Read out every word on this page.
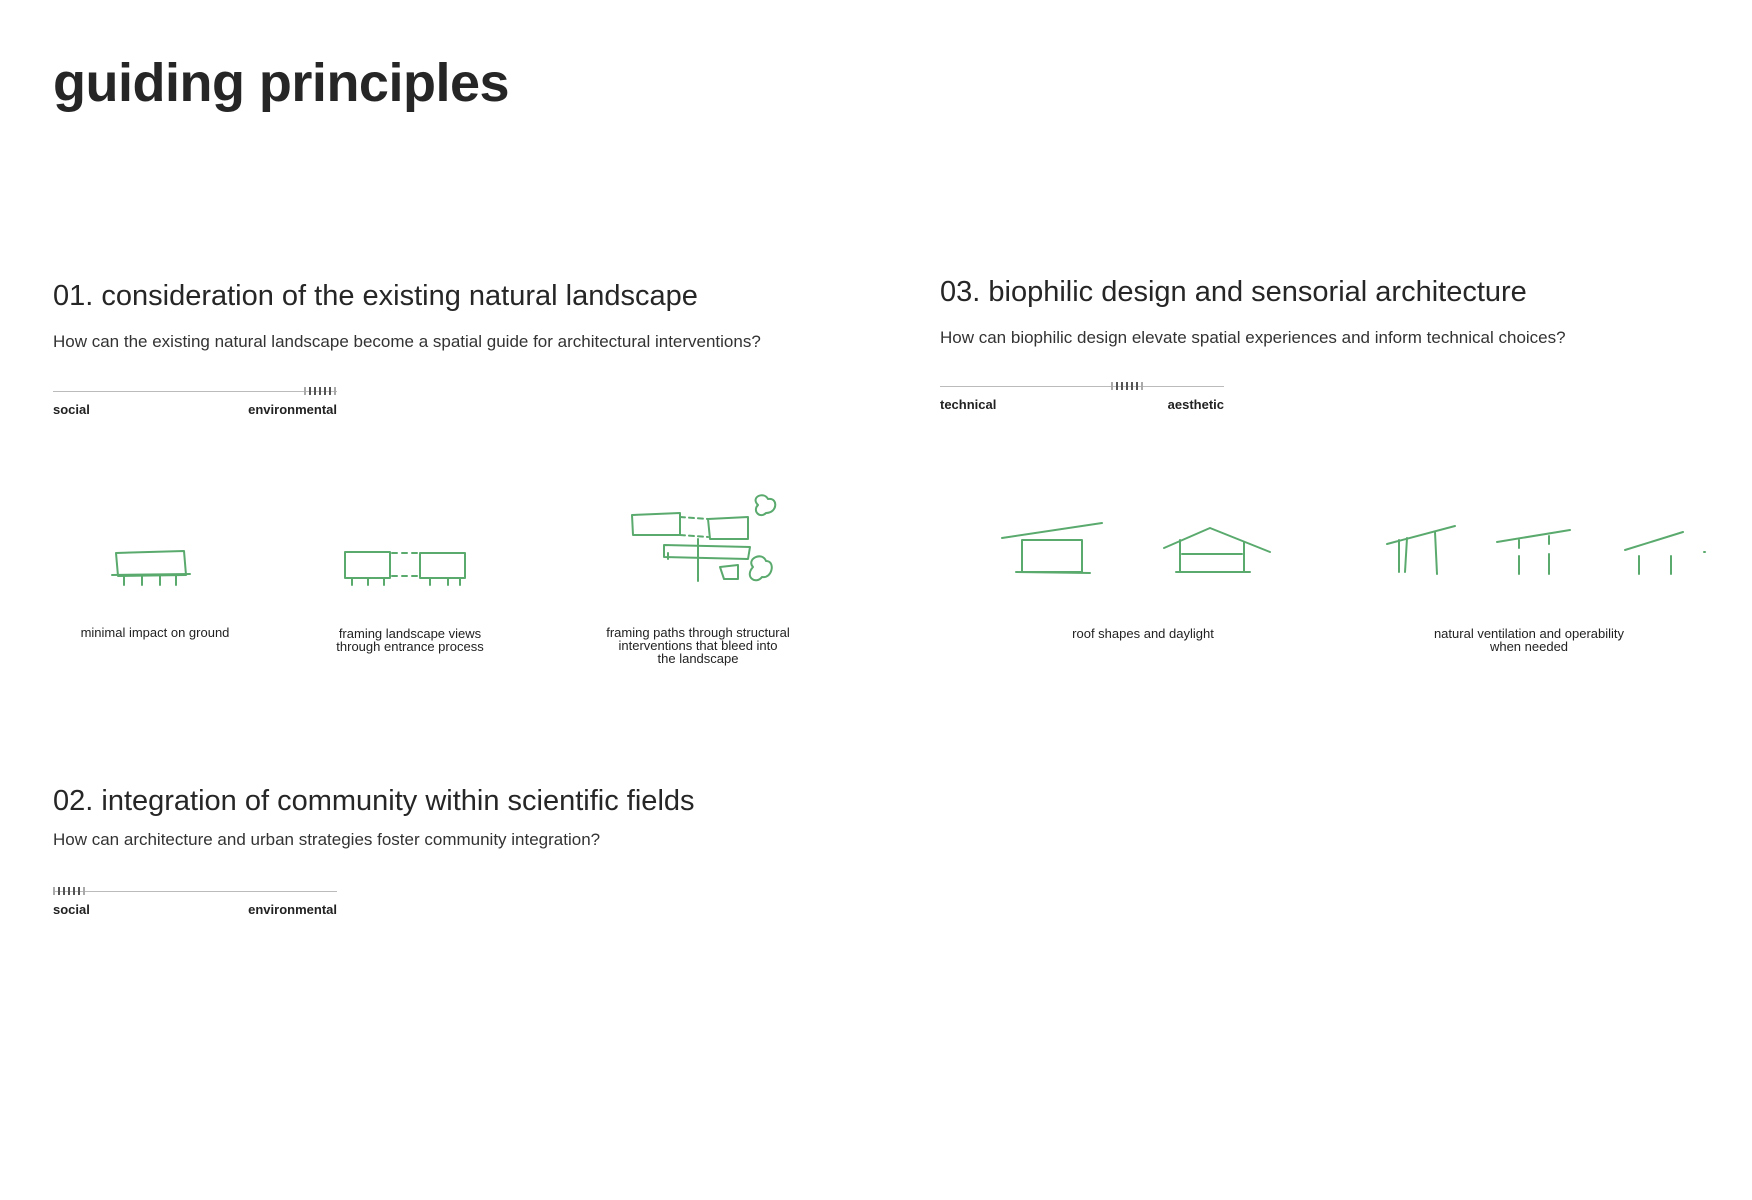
guiding principles
01. consideration of the existing natural landscape

How can the existing natural landscape become a spatial guide for architectural interventions?

social	environmental
minimal impact on ground	framing landscape views
through entrance process
framing paths through structural
interventions that bleed into
the landscape
02. integration of community within scientific fields

How can architecture and urban strategies foster community integration?

social	environmental
03. biophilic design and sensorial architecture

How can biophilic design elevate spatial experiences and inform technical choices?

technical	aesthetic
roof shapes and daylight	natural ventilation and operability
when needed
